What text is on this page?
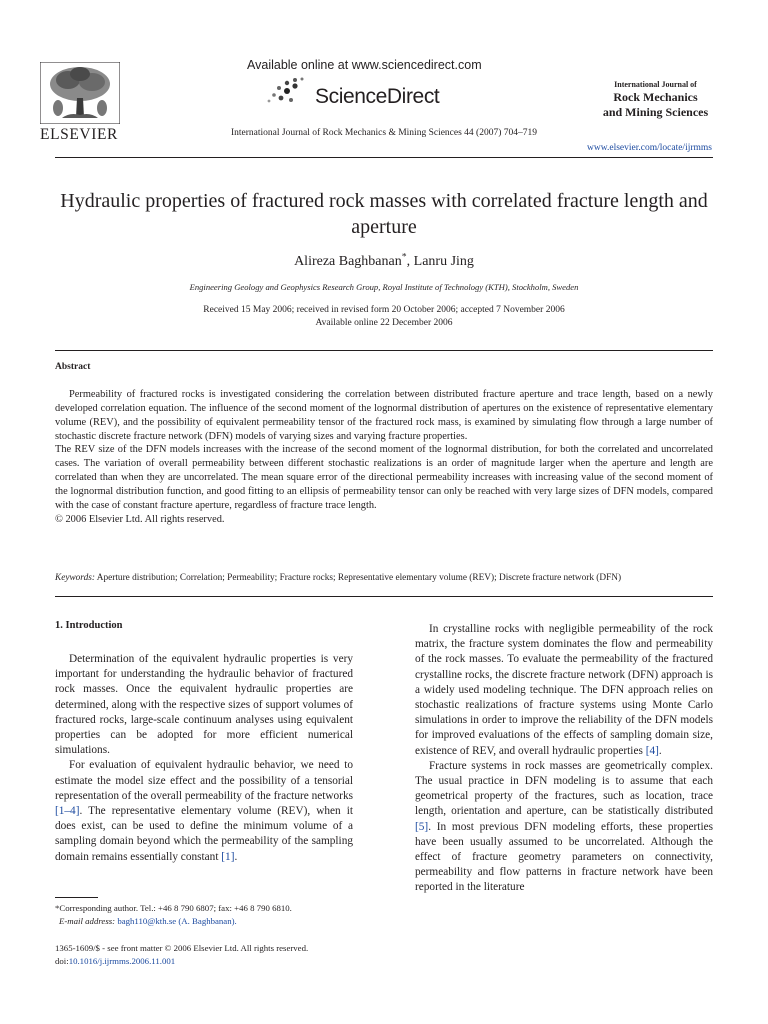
ELSEVIER
Available online at www.sciencedirect.com
ScienceDirect
International Journal of Rock Mechanics & Mining Sciences 44 (2007) 704–719
International Journal of
Rock Mechanics
and Mining Sciences
www.elsevier.com/locate/ijrmms
Hydraulic properties of fractured rock masses with correlated fracture length and aperture
Alireza Baghbanan*, Lanru Jing
Engineering Geology and Geophysics Research Group, Royal Institute of Technology (KTH), Stockholm, Sweden
Received 15 May 2006; received in revised form 20 October 2006; accepted 7 November 2006
Available online 22 December 2006
Abstract

Permeability of fractured rocks is investigated considering the correlation between distributed fracture aperture and trace length, based on a newly developed correlation equation. The influence of the second moment of the lognormal distribution of apertures on the existence of representative elementary volume (REV), and the possibility of equivalent permeability tensor of the fractured rock mass, is examined by simulating flow through a large number of stochastic discrete fracture network (DFN) models of varying sizes and varying fracture properties.

The REV size of the DFN models increases with the increase of the second moment of the lognormal distribution, for both the correlated and uncorrelated cases. The variation of overall permeability between different stochastic realizations is an order of magnitude larger when the aperture and length are correlated than when they are uncorrelated. The mean square error of the directional permeability increases with increasing value of the second moment of the lognormal distribution function, and good fitting to an ellipsis of permeability tensor can only be reached with very large sizes of DFN models, compared with the case of constant fracture aperture, regardless of fracture trace length.

© 2006 Elsevier Ltd. All rights reserved.

Keywords: Aperture distribution; Correlation; Permeability; Fracture rocks; Representative elementary volume (REV); Discrete fracture network (DFN)
1. Introduction

Determination of the equivalent hydraulic properties is very important for understanding the hydraulic behavior of fractured rock masses. Once the equivalent hydraulic properties are determined, along with the respective sizes of support volumes of fractured rocks, large-scale continuum analyses using equivalent properties can be adopted for more efficient numerical simulations.

For evaluation of equivalent hydraulic behavior, we need to estimate the model size effect and the possibility of a tensorial representation of the overall permeability of the fracture networks [1–4]. The representative elementary volume (REV), when it does exist, can be used to define the minimum volume of a sampling domain beyond which the permeability of the sampling domain remains essentially constant [1].

In crystalline rocks with negligible permeability of the rock matrix, the fracture system dominates the flow and permeability of the rock masses. To evaluate the permeability of the fractured crystalline rocks, the discrete fracture network (DFN) approach is a widely used modeling technique. The DFN approach relies on stochastic realizations of fracture systems using Monte Carlo simulations in order to improve the reliability of the DFN models for improved evaluations of the effects of sampling domain size, existence of REV, and overall hydraulic properties [4].

Fracture systems in rock masses are geometrically complex. The usual practice in DFN modeling is to assume that each geometrical property of the fractures, such as location, trace length, orientation and aperture, can be statistically distributed [5]. In most previous DFN modeling efforts, these properties have been usually assumed to be uncorrelated. Although the effect of fracture geometry parameters on connectivity, permeability and flow patterns in fracture network have been reported in the literature

*Corresponding author. Tel.: +46 8 790 6807; fax: +46 8 790 6810.
E-mail address: bagh110@kth.se (A. Baghbanan).
1365-1609/$ - see front matter © 2006 Elsevier Ltd. All rights reserved.
doi:10.1016/j.ijrmms.2006.11.001
